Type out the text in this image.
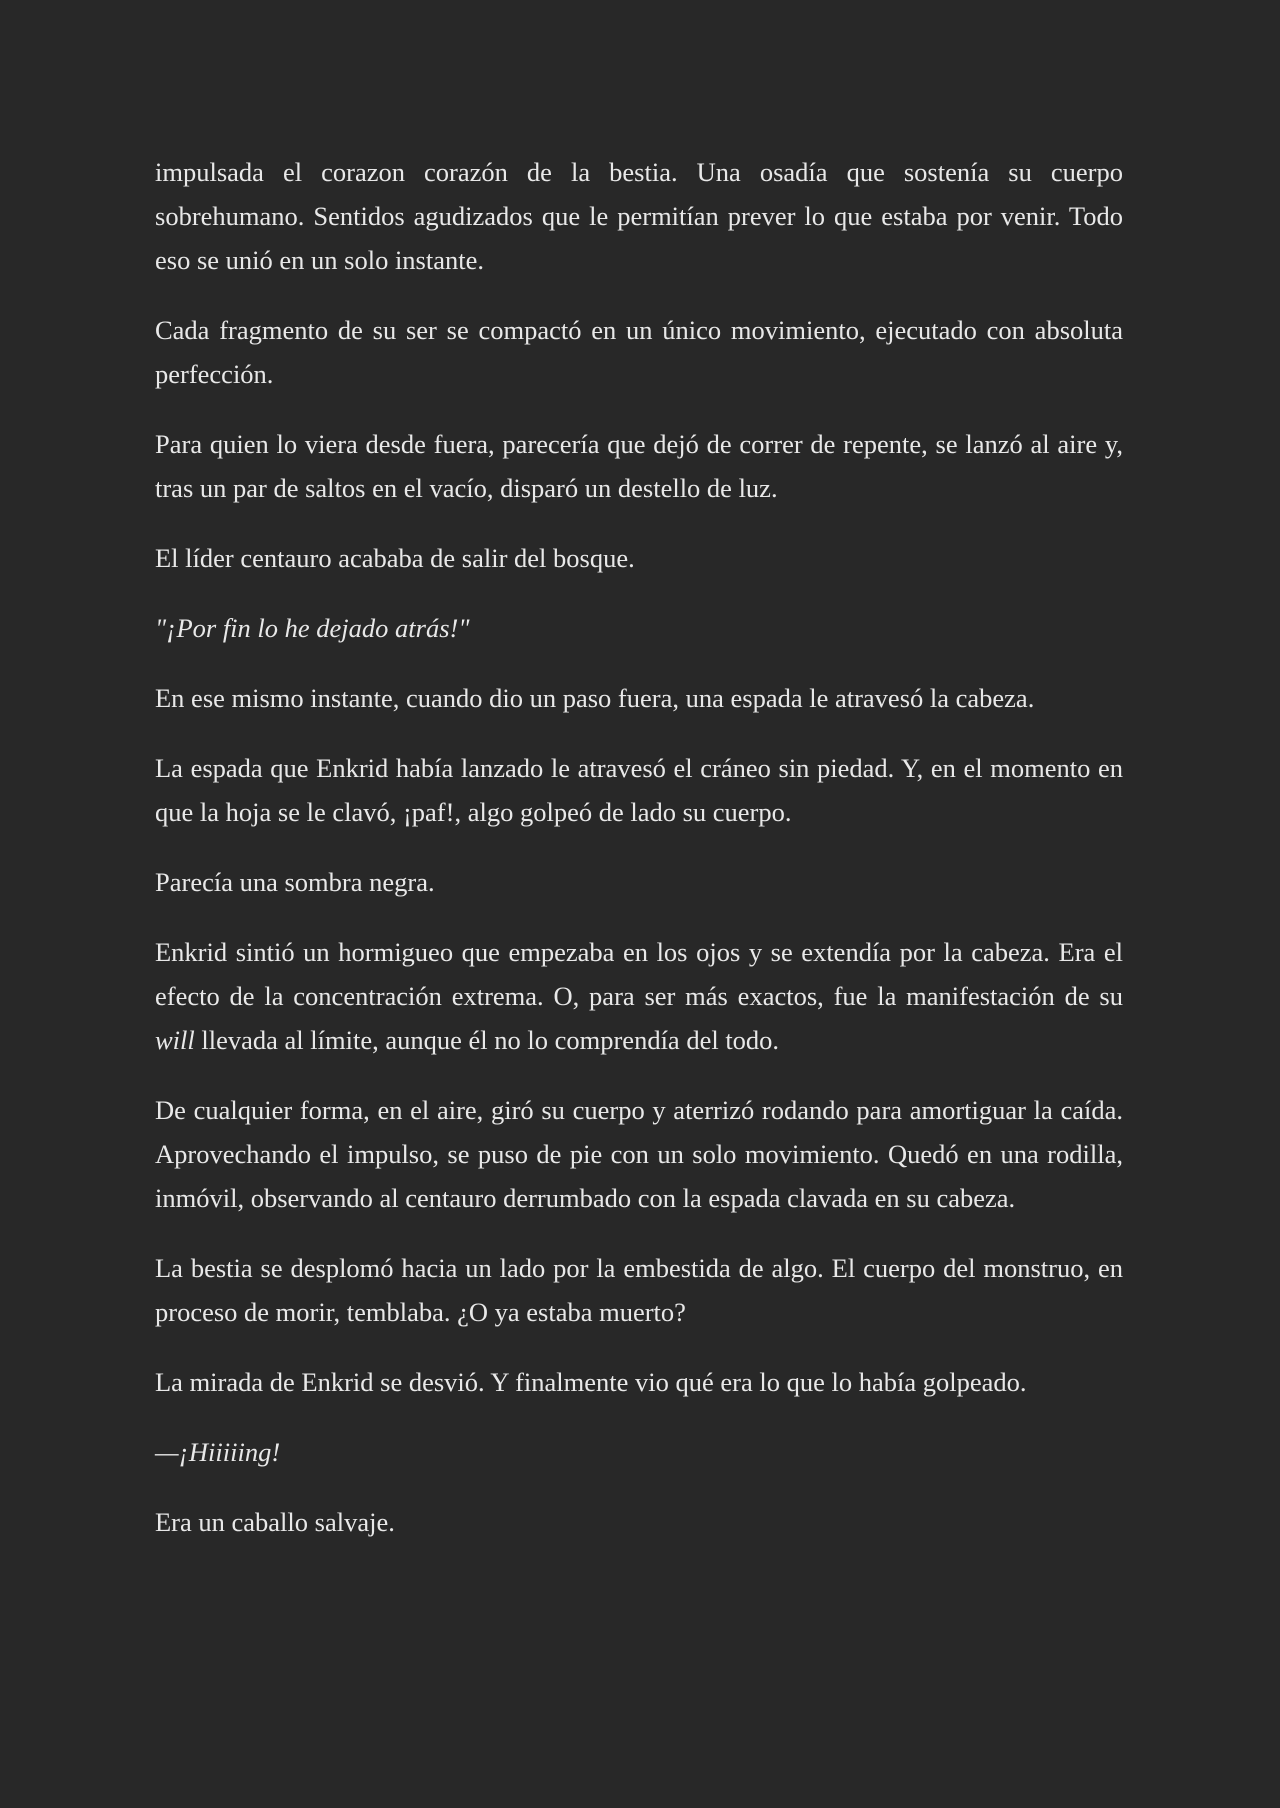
impulsada el corazon corazón de la bestia. Una osadía que sostenía su cuerpo sobrehumano. Sentidos agudizados que le permitían prever lo que estaba por venir. Todo eso se unió en un solo instante.

Cada fragmento de su ser se compactó en un único movimiento, ejecutado con absoluta perfección.

Para quien lo viera desde fuera, parecería que dejó de correr de repente, se lanzó al aire y, tras un par de saltos en el vacío, disparó un destello de luz.

El líder centauro acababa de salir del bosque.

"¡Por fin lo he dejado atrás!"

En ese mismo instante, cuando dio un paso fuera, una espada le atravesó la cabeza.

La espada que Enkrid había lanzado le atravesó el cráneo sin piedad. Y, en el momento en que la hoja se le clavó, ¡paf!, algo golpeó de lado su cuerpo.

Parecía una sombra negra.

Enkrid sintió un hormigueo que empezaba en los ojos y se extendía por la cabeza. Era el efecto de la concentración extrema. O, para ser más exactos, fue la manifestación de su will llevada al límite, aunque él no lo comprendía del todo.

De cualquier forma, en el aire, giró su cuerpo y aterrizó rodando para amortiguar la caída. Aprovechando el impulso, se puso de pie con un solo movimiento. Quedó en una rodilla, inmóvil, observando al centauro derrumbado con la espada clavada en su cabeza.

La bestia se desplomó hacia un lado por la embestida de algo. El cuerpo del monstruo, en proceso de morir, temblaba. ¿O ya estaba muerto?

La mirada de Enkrid se desvió. Y finalmente vio qué era lo que lo había golpeado.

—¡Hiiiiing!

Era un caballo salvaje.
